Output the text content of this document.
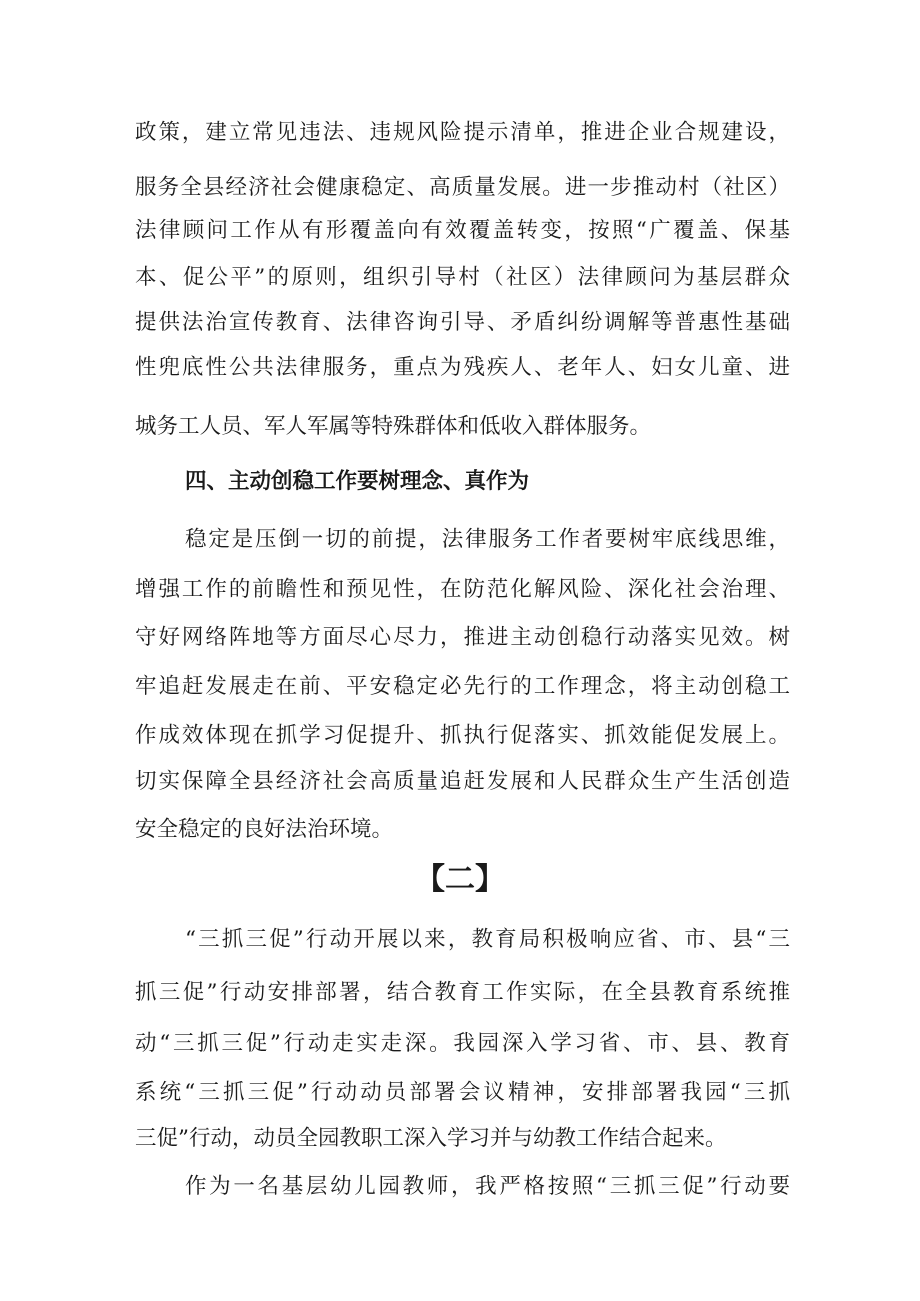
政策，建立常见违法、违规风险提示清单，推进企业合规建设，
服务全县经济社会健康稳定、高质量发展。进一步推动村（社区）
法律顾问工作从有形覆盖向有效覆盖转变，按照“广覆盖、保基
本、促公平”的原则，组织引导村（社区）法律顾问为基层群众
提供法治宣传教育、法律咨询引导、矛盾纠纷调解等普惠性基础
性兜底性公共法律服务，重点为残疾人、老年人、妇女儿童、进
城务工人员、军人军属等特殊群体和低收入群体服务。
四、主动创稳工作要树理念、真作为
稳定是压倒一切的前提，法律服务工作者要树牢底线思维，
增强工作的前瞻性和预见性，在防范化解风险、深化社会治理、
守好网络阵地等方面尽心尽力，推进主动创稳行动落实见效。树
牢追赶发展走在前、平安稳定必先行的工作理念，将主动创稳工
作成效体现在抓学习促提升、抓执行促落实、抓效能促发展上。
切实保障全县经济社会高质量追赶发展和人民群众生产生活创造
安全稳定的良好法治环境。
【二】
“三抓三促”行动开展以来，教育局积极响应省、市、县“三
抓三促”行动安排部署，结合教育工作实际，在全县教育系统推
动“三抓三促”行动走实走深。我园深入学习省、市、县、教育
系统“三抓三促”行动动员部署会议精神，安排部署我园“三抓
三促”行动，动员全园教职工深入学习并与幼教工作结合起来。
作为一名基层幼儿园教师，我严格按照“三抓三促”行动要
